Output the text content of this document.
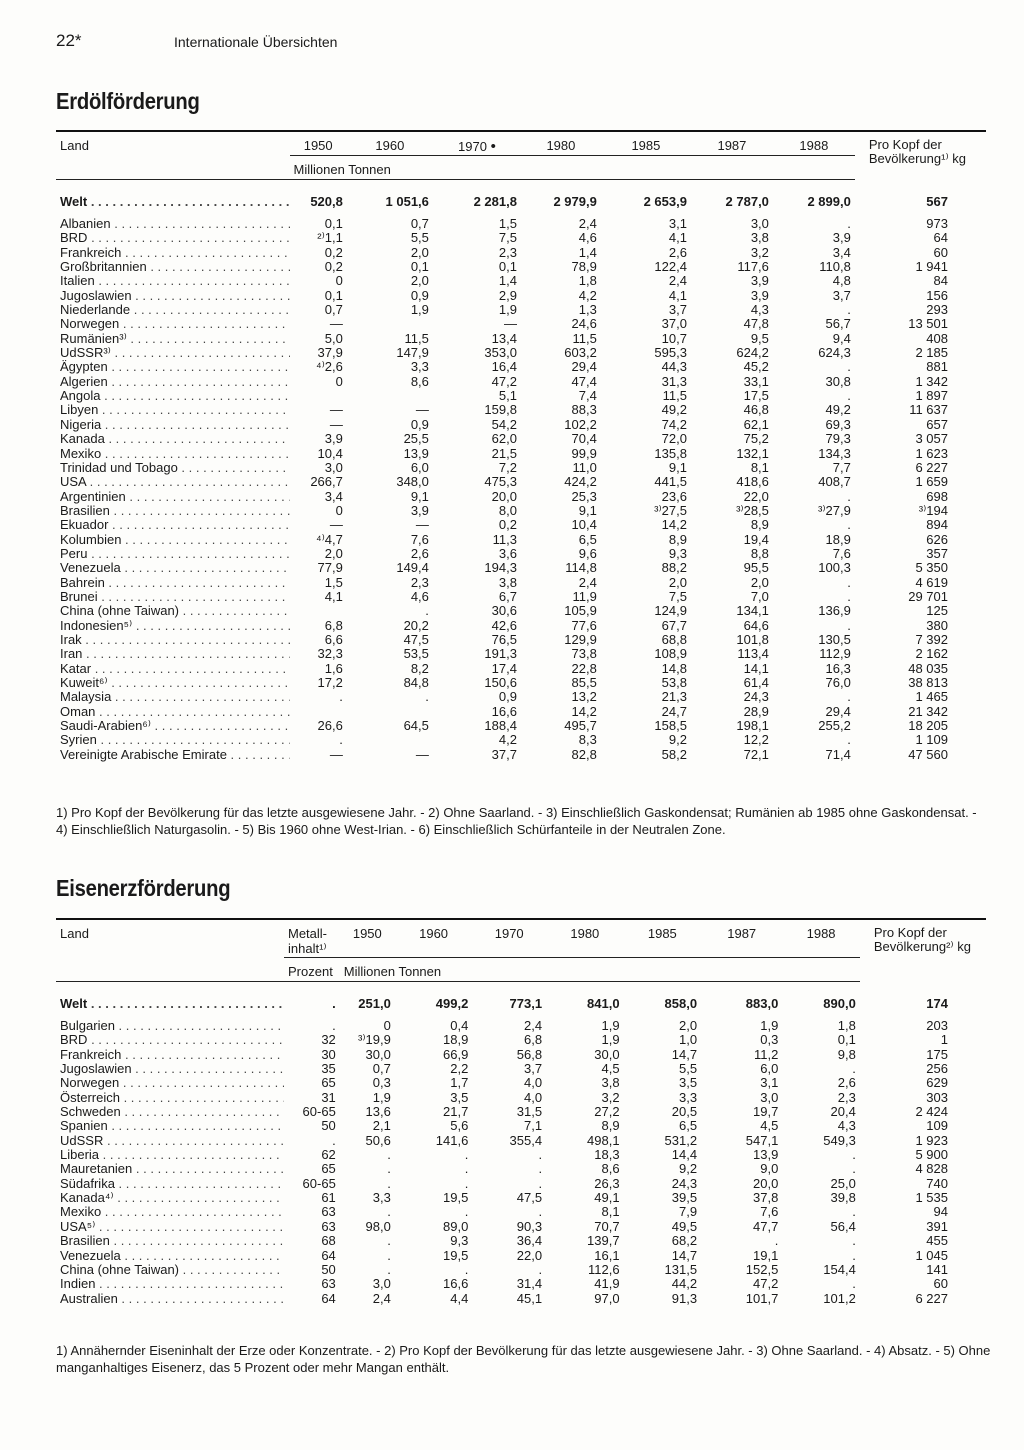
22*	Internationale Übersichten
Erdölförderung
Land	1950	1960	1970 •	1980	1985	1987	1988	Pro Kopf der Bevölkerung¹⁾ kg
	Millionen Tonnen							
Welt . . .	520,8	1 051,6	2 281,8	2 979,9	2 653,9	2 787,0	2 899,0	567
Albanien . . .	0,1	0,7	1,5	2,4	3,1	3,0	.	973
BRD . . .	²⁾1,1	5,5	7,5	4,6	4,1	3,8	3,9	64
Frankreich . . .	0,2	2,0	2,3	1,4	2,6	3,2	3,4	60
Großbritannien . . .	0,2	0,1	0,1	78,9	122,4	117,6	110,8	1 941
Italien . . .	0	2,0	1,4	1,8	2,4	3,9	4,8	84
Jugoslawien . . .	0,1	0,9	2,9	4,2	4,1	3,9	3,7	156
Niederlande . . .	0,7	1,9	1,9	1,3	3,7	4,3	.	293
Norwegen . . .	—		—	24,6	37,0	47,8	56,7	13 501
Rumänien³⁾ . . .	5,0	11,5	13,4	11,5	10,7	9,5	9,4	408
UdSSR³⁾ . . .	37,9	147,9	353,0	603,2	595,3	624,2	624,3	2 185
Ägypten . . .	⁴⁾2,6	3,3	16,4	29,4	44,3	45,2	.	881
Algerien . . .	0	8,6	47,2	47,4	31,3	33,1	30,8	1 342
Angola . . .			5,1	7,4	11,5	17,5	.	1 897
Libyen . . .	—	—	159,8	88,3	49,2	46,8	49,2	11 637
Nigeria . . .	—	0,9	54,2	102,2	74,2	62,1	69,3	657
Kanada . . .	3,9	25,5	62,0	70,4	72,0	75,2	79,3	3 057
Mexiko . . .	10,4	13,9	21,5	99,9	135,8	132,1	134,3	1 623
Trinidad und Tobago . . .	3,0	6,0	7,2	11,0	9,1	8,1	7,7	6 227
USA . . .	266,7	348,0	475,3	424,2	441,5	418,6	408,7	1 659
Argentinien . . .	3,4	9,1	20,0	25,3	23,6	22,0	.	698
Brasilien . . .	0	3,9	8,0	9,1	³⁾27,5	³⁾28,5	³⁾27,9	³⁾194
Ekuador . . .	—	—	0,2	10,4	14,2	8,9	.	894
Kolumbien . . .	⁴⁾4,7	7,6	11,3	6,5	8,9	19,4	18,9	626
Peru . . .	2,0	2,6	3,6	9,6	9,3	8,8	7,6	357
Venezuela . . .	77,9	149,4	194,3	114,8	88,2	95,5	100,3	5 350
Bahrein . . .	1,5	2,3	3,8	2,4	2,0	2,0	.	4 619
Brunei . . .	4,1	4,6	6,7	11,9	7,5	7,0	.	29 701
China (ohne Taiwan) . . .		.	30,6	105,9	124,9	134,1	136,9	125
Indonesien⁵⁾ . . .	6,8	20,2	42,6	77,6	67,7	64,6	.	380
Irak . . .	6,6	47,5	76,5	129,9	68,8	101,8	130,5	7 392
Iran . . .	32,3	53,5	191,3	73,8	108,9	113,4	112,9	2 162
Katar . . .	1,6	8,2	17,4	22,8	14,8	14,1	16,3	48 035
Kuweit⁶⁾ . . .	17,2	84,8	150,6	85,5	53,8	61,4	76,0	38 813
Malaysia . . .	.	.	0,9	13,2	21,3	24,3	.	1 465
Oman . . .			16,6	14,2	24,7	28,9	29,4	21 342
Saudi-Arabien⁶⁾ . . .	26,6	64,5	188,4	495,7	158,5	198,1	255,2	18 205
Syrien . . .	.		4,2	8,3	9,2	12,2	.	1 109
Vereinigte Arabische Emirate . . .	—	—	37,7	82,8	58,2	72,1	71,4	47 560

1) Pro Kopf der Bevölkerung für das letzte ausgewiesene Jahr. - 2) Ohne Saarland. - 3) Einschließlich Gaskondensat; Rumänien ab 1985 ohne Gaskondensat. - 4) Einschließlich Naturgasolin. - 5) Bis 1960 ohne West-Irian. - 6) Einschließlich Schürfanteile in der Neutralen Zone.

Eisenerzförderung
Land	Metall-inhalt¹⁾	1950	1960	1970	1980	1985	1987	1988	Pro Kopf der Bevölkerung²⁾ kg
	Prozent	Millionen Tonnen							
Welt . . .	.	251,0	499,2	773,1	841,0	858,0	883,0	890,0	174
Bulgarien . . .	.	0	0,4	2,4	1,9	2,0	1,9	1,8	203
BRD . . .	32	³⁾19,9	18,9	6,8	1,9	1,0	0,3	0,1	1
Frankreich . . .	30	30,0	66,9	56,8	30,0	14,7	11,2	9,8	175
Jugoslawien . . .	35	0,7	2,2	3,7	4,5	5,5	6,0	.	256
Norwegen . . .	65	0,3	1,7	4,0	3,8	3,5	3,1	2,6	629
Österreich . . .	31	1,9	3,5	4,0	3,2	3,3	3,0	2,3	303
Schweden . . .	60-65	13,6	21,7	31,5	27,2	20,5	19,7	20,4	2 424
Spanien . . .	50	2,1	5,6	7,1	8,9	6,5	4,5	4,3	109
UdSSR . . .	.	50,6	141,6	355,4	498,1	531,2	547,1	549,3	1 923
Liberia . . .	62	.	.	.	18,3	14,4	13,9	.	5 900
Mauretanien . . .	65	.	.	.	8,6	9,2	9,0	.	4 828
Südafrika . . .	60-65	.	.	.	26,3	24,3	20,0	25,0	740
Kanada⁴⁾ . . .	61	3,3	19,5	47,5	49,1	39,5	37,8	39,8	1 535
Mexiko . . .	63	.	.	.	8,1	7,9	7,6	.	94
USA⁵⁾ . . .	63	98,0	89,0	90,3	70,7	49,5	47,7	56,4	391
Brasilien . . .	68	.	9,3	36,4	139,7	68,2	.	.	455
Venezuela . . .	64	.	19,5	22,0	16,1	14,7	19,1	.	1 045
China (ohne Taiwan) . . .	50	.	.	.	112,6	131,5	152,5	154,4	141
Indien . . .	63	3,0	16,6	31,4	41,9	44,2	47,2	.	60
Australien . . .	64	2,4	4,4	45,1	97,0	91,3	101,7	101,2	6 227

1) Annähernder Eiseninhalt der Erze oder Konzentrate. - 2) Pro Kopf der Bevölkerung für das letzte ausgewiesene Jahr. - 3) Ohne Saarland. - 4) Absatz. - 5) Ohne manganhaltiges Eisenerz, das 5 Prozent oder mehr Mangan enthält.
